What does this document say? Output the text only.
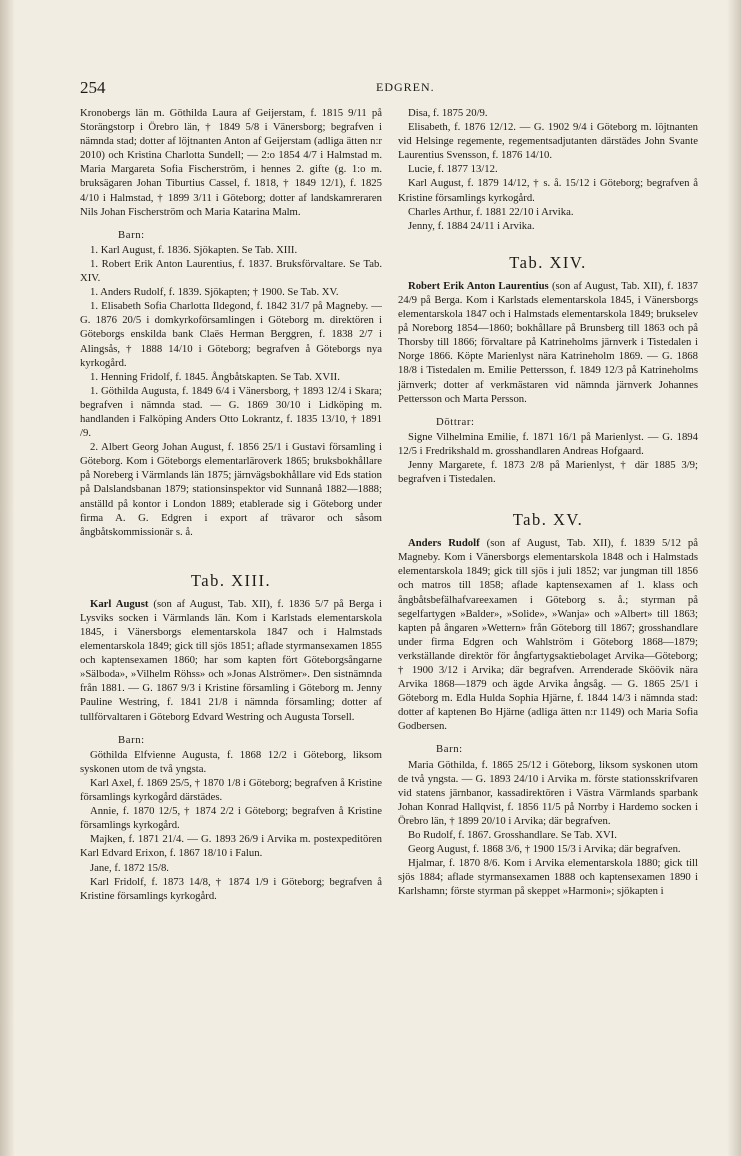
254	EDGREN.

Kronobergs län m. Göthilda Laura af Geijerstam, f. 1815 9/11 på Storängstorp i Örebro län, † 1849 5/8 i Vänersborg; begrafven i nämnda stad; dotter af löjtnanten Anton af Geijerstam (adliga ätten n:r 2010) och Kristina Charlotta Sundell; — 2:o 1854 4/7 i Halmstad m. Maria Margareta Sofia Fischerström, i hennes 2. gifte (g. 1:o m. bruksägaren Johan Tiburtius Cassel, f. 1818, † 1849 12/1), f. 1825 4/10 i Halmstad, † 1899 3/11 i Göteborg; dotter af landskamreraren Nils Johan Fischerström och Maria Katarina Malm.

Barn:

1. Karl August, f. 1836. Sjökapten. Se Tab. XIII.

1. Robert Erik Anton Laurentius, f. 1837. Bruksförvaltare. Se Tab. XIV.

1. Anders Rudolf, f. 1839. Sjökapten; † 1900. Se Tab. XV.

1. Elisabeth Sofia Charlotta Ildegond, f. 1842 31/7 på Magneby. — G. 1876 20/5 i domkyrkoförsamlingen i Göteborg m. direktören i Göteborgs enskilda bank Claës Herman Berggren, f. 1838 2/7 i Alingsås, † 1888 14/10 i Göteborg; begrafven å Göteborgs nya kyrkogård.

1. Henning Fridolf, f. 1845. Ångbåtskapten. Se Tab. XVII.

1. Göthilda Augusta, f. 1849 6/4 i Vänersborg, † 1893 12/4 i Skara; begrafven i nämnda stad. — G. 1869 30/10 i Lidköping m. handlanden i Falköping Anders Otto Lokrantz, f. 1835 13/10, † 1891 /9.

2. Albert Georg Johan August, f. 1856 25/1 i Gustavi församling i Göteborg. Kom i Göteborgs elementarläroverk 1865; bruksbokhållare på Noreberg i Värmlands län 1875; järnvägsbokhållare vid Eds station på Dalslandsbanan 1879; stationsinspektor vid Sunnanå 1882—1888; anställd på kontor i London 1889; etablerade sig i Göteborg under firma A. G. Edgren i export af trävaror och såsom ångbåtskommissionär s. å.

Tab. XIII.

Karl August (son af August, Tab. XII), f. 1836 5/7 på Berga i Lysviks socken i Värmlands län. Kom i Karlstads elementarskola 1845, i Vänersborgs elementarskola 1847 och i Halmstads elementarskola 1849; gick till sjös 1851; aflade styrmansexamen 1855 och kaptensexamen 1860; har som kapten fört Göteborgsångarne »Sälboda», »Vilhelm Röhss» och »Jonas Alströmer». Den sistnämnda från 1881. — G. 1867 9/3 i Kristine församling i Göteborg m. Jenny Pauline Westring, f. 1841 21/8 i nämnda församling; dotter af tullförvaltaren i Göteborg Edvard Westring och Augusta Torsell.

Barn:

Göthilda Elfvienne Augusta, f. 1868 12/2 i Göteborg, liksom syskonen utom de två yngsta.

Karl Axel, f. 1869 25/5, † 1870 1/8 i Göteborg; begrafven å Kristine församlings kyrkogård därstädes.

Annie, f. 1870 12/5, † 1874 2/2 i Göteborg; begrafven å Kristine församlings kyrkogård.

Majken, f. 1871 21/4. — G. 1893 26/9 i Arvika m. postexpeditören Karl Edvard Erixon, f. 1867 18/10 i Falun.

Jane, f. 1872 15/8.

Karl Fridolf, f. 1873 14/8, † 1874 1/9 i Göteborg; begrafven å Kristine församlings kyrkogård.

Disa, f. 1875 20/9.

Elisabeth, f. 1876 12/12. — G. 1902 9/4 i Göteborg m. löjtnanten vid Helsinge regemente, regementsadjutanten därstädes John Svante Laurentius Svensson, f. 1876 14/10.

Lucie, f. 1877 13/12.

Karl August, f. 1879 14/12, † s. å. 15/12 i Göteborg; begrafven å Kristine församlings kyrkogård.

Charles Arthur, f. 1881 22/10 i Arvika.

Jenny, f. 1884 24/11 i Arvika.

Tab. XIV.

Robert Erik Anton Laurentius (son af August, Tab. XII), f. 1837 24/9 på Berga. Kom i Karlstads elementarskola 1845, i Vänersborgs elementarskola 1847 och i Halmstads elementarskola 1849; brukselev på Noreborg 1854—1860; bokhållare på Brunsberg till 1863 och på Thorsby till 1866; förvaltare på Katrineholms järnverk i Tistedalen i Norge 1866. Köpte Marienlyst nära Katrineholm 1869. — G. 1868 18/8 i Tistedalen m. Emilie Pettersson, f. 1849 12/3 på Katrineholms järnverk; dotter af verkmästaren vid nämnda järnverk Johannes Pettersson och Marta Persson.

Döttrar:

Signe Vilhelmina Emilie, f. 1871 16/1 på Marienlyst. — G. 1894 12/5 i Fredrikshald m. grosshandlaren Andreas Hofgaard.

Jenny Margarete, f. 1873 2/8 på Marienlyst, † där 1885 3/9; begrafven i Tistedalen.

Tab. XV.

Anders Rudolf (son af August, Tab. XII), f. 1839 5/12 på Magneby. Kom i Vänersborgs elementarskola 1848 och i Halmstads elementarskola 1849; gick till sjös i juli 1852; var jungman till 1856 och matros till 1858; aflade kaptensexamen af 1. klass och ångbåtsbefälhafvareexamen i Göteborg s. å.; styrman på segelfartygen »Balder», »Solide», »Wanja» och »Albert» till 1863; kapten på ångaren »Wettern» från Göteborg till 1867; grosshandlare under firma Edgren och Wahlström i Göteborg 1868—1879; verkställande direktör för ångfartygsaktiebolaget Arvika—Göteborg; † 1900 3/12 i Arvika; där begrafven. Arrenderade Sköövik nära Arvika 1868—1879 och ägde Arvika ångsåg. — G. 1865 25/1 i Göteborg m. Edla Hulda Sophia Hjärne, f. 1844 14/3 i nämnda stad: dotter af kaptenen Bo Hjärne (adliga ätten n:r 1149) och Maria Sofia Godbersen.

Barn:

Maria Göthilda, f. 1865 25/12 i Göteborg, liksom syskonen utom de två yngsta. — G. 1893 24/10 i Arvika m. förste stationsskrifvaren vid statens järnbanor, kassadirektören i Västra Värmlands sparbank Johan Konrad Hallqvist, f. 1856 11/5 på Norrby i Hardemo socken i Örebro län, † 1899 20/10 i Arvika; där begrafven.

Bo Rudolf, f. 1867. Grosshandlare. Se Tab. XVI.

Georg August, f. 1868 3/6, † 1900 15/3 i Arvika; där begrafven.

Hjalmar, f. 1870 8/6. Kom i Arvika elementarskola 1880; gick till sjös 1884; aflade styrmansexamen 1888 och kaptensexamen 1890 i Karlshamn; förste styrman på skeppet »Harmoni»; sjökapten i
